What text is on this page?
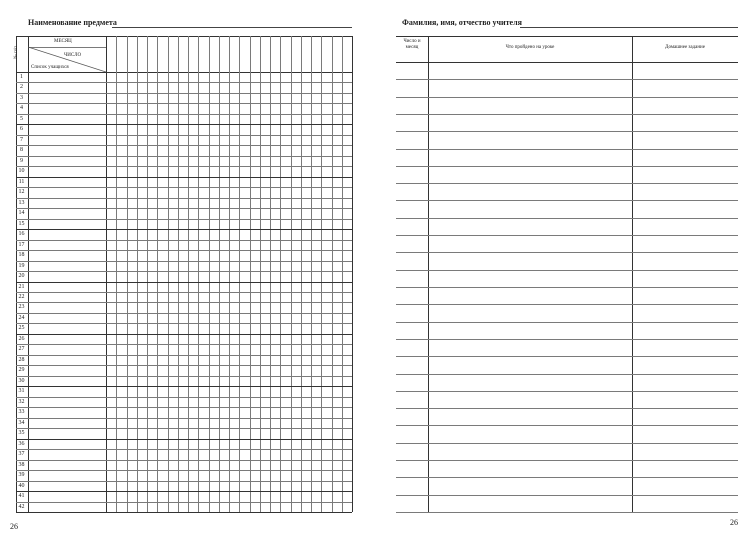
Наименование предмета
№ п/п
МЕСЯЦ
ЧИСЛО
Список учащихся
1
2
3
4
5
6
7
8
9
10
11
12
13
14
15
16
17
18
19
20
21
22
23
24
25
26
27
28
29
30
31
32
33
34
35
36
37
38
39
40
41
42
26
Фамилия, имя, отчество учителя
Число и месяц	Что пройдено на уроке	Домашнее задание
26
